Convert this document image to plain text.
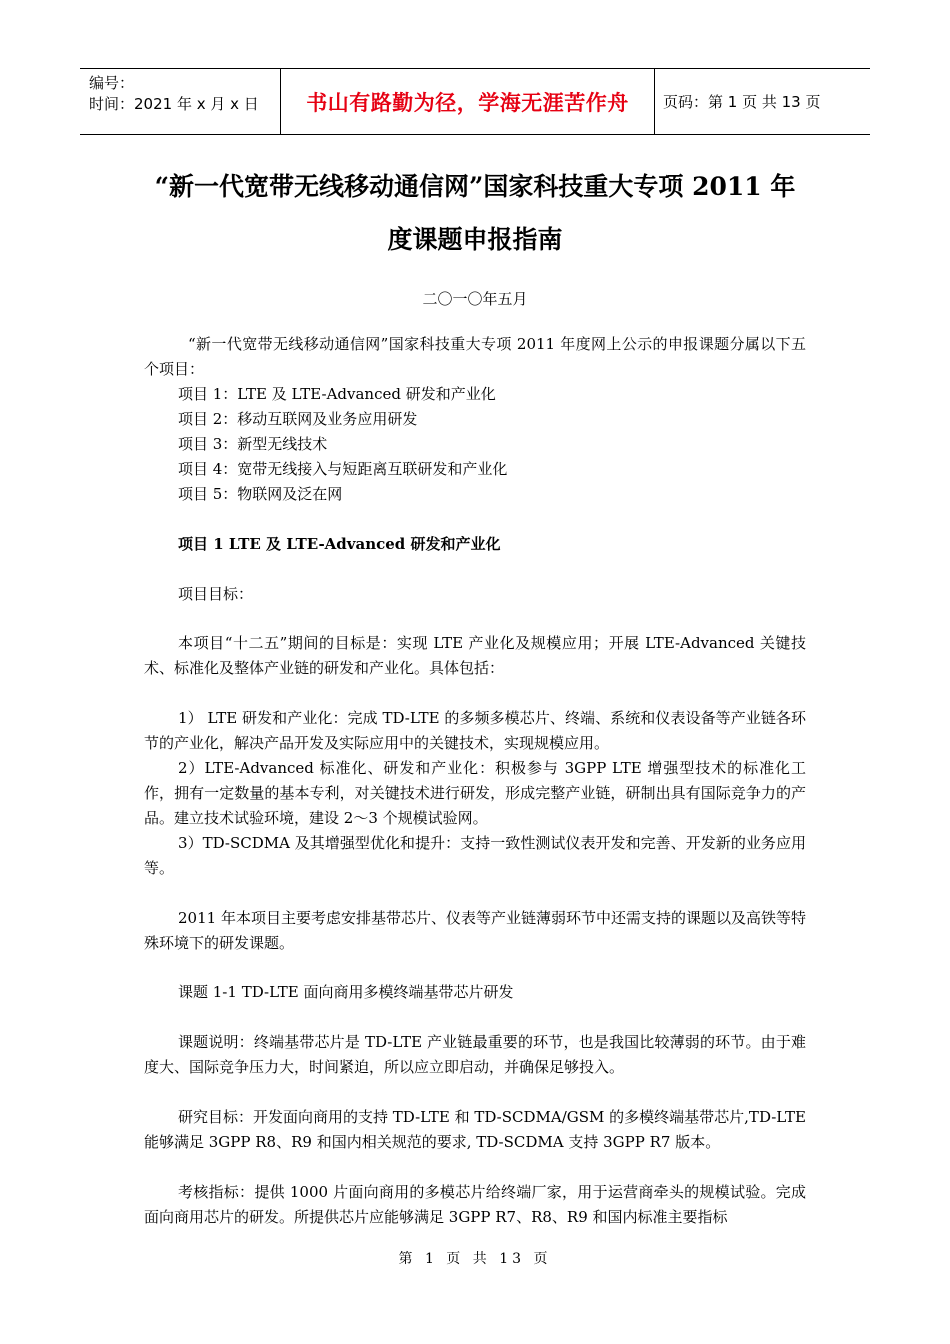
编号：
时间：2021 年 x 月 x 日	书山有路勤为径，学海无涯苦作舟 页码：第 1 页 共 13 页
“新一代宽带无线移动通信网”国家科技重大专项 2011 年
度课题申报指南
二〇一〇年五月

“新一代宽带无线移动通信网”国家科技重大专项 2011 年度网上公示的申报课题分属以下五个项目：

项目 1：LTE 及 LTE-Advanced 研发和产业化

项目 2：移动互联网及业务应用研发

项目 3：新型无线技术

项目 4：宽带无线接入与短距离互联研发和产业化

项目 5：物联网及泛在网

项目 1 LTE 及 LTE-Advanced 研发和产业化

项目目标：

本项目“十二五”期间的目标是：实现 LTE 产业化及规模应用；开展 LTE-Advanced 关键技术、标准化及整体产业链的研发和产业化。具体包括：

1） LTE 研发和产业化：完成 TD-LTE 的多频多模芯片、终端、系统和仪表设备等产业链各环节的产业化，解决产品开发及实际应用中的关键技术，实现规模应用。

2）LTE-Advanced 标准化、研发和产业化：积极参与 3GPP LTE 增强型技术的标准化工作，拥有一定数量的基本专利，对关键技术进行研发，形成完整产业链，研制出具有国际竞争力的产品。建立技术试验环境，建设 2～3 个规模试验网。

3）TD-SCDMA 及其增强型优化和提升：支持一致性测试仪表开发和完善、开发新的业务应用等。

2011 年本项目主要考虑安排基带芯片、仪表等产业链薄弱环节中还需支持的课题以及高铁等特殊环境下的研发课题。

课题 1-1 TD-LTE 面向商用多模终端基带芯片研发

课题说明：终端基带芯片是 TD-LTE 产业链最重要的环节，也是我国比较薄弱的环节。由于难度大、国际竞争压力大，时间紧迫，所以应立即启动，并确保足够投入。

研究目标：开发面向商用的支持 TD-LTE 和 TD-SCDMA/GSM 的多模终端基带芯片,TD-LTE 能够满足 3GPP R8、R9 和国内相关规范的要求, TD-SCDMA 支持 3GPP R7 版本。

考核指标：提供 1000 片面向商用的多模芯片给终端厂家，用于运营商牵头的规模试验。完成面向商用芯片的研发。所提供芯片应能够满足 3GPP R7、R8、R9 和国内标准主要指标

第 1 页 共 13 页
